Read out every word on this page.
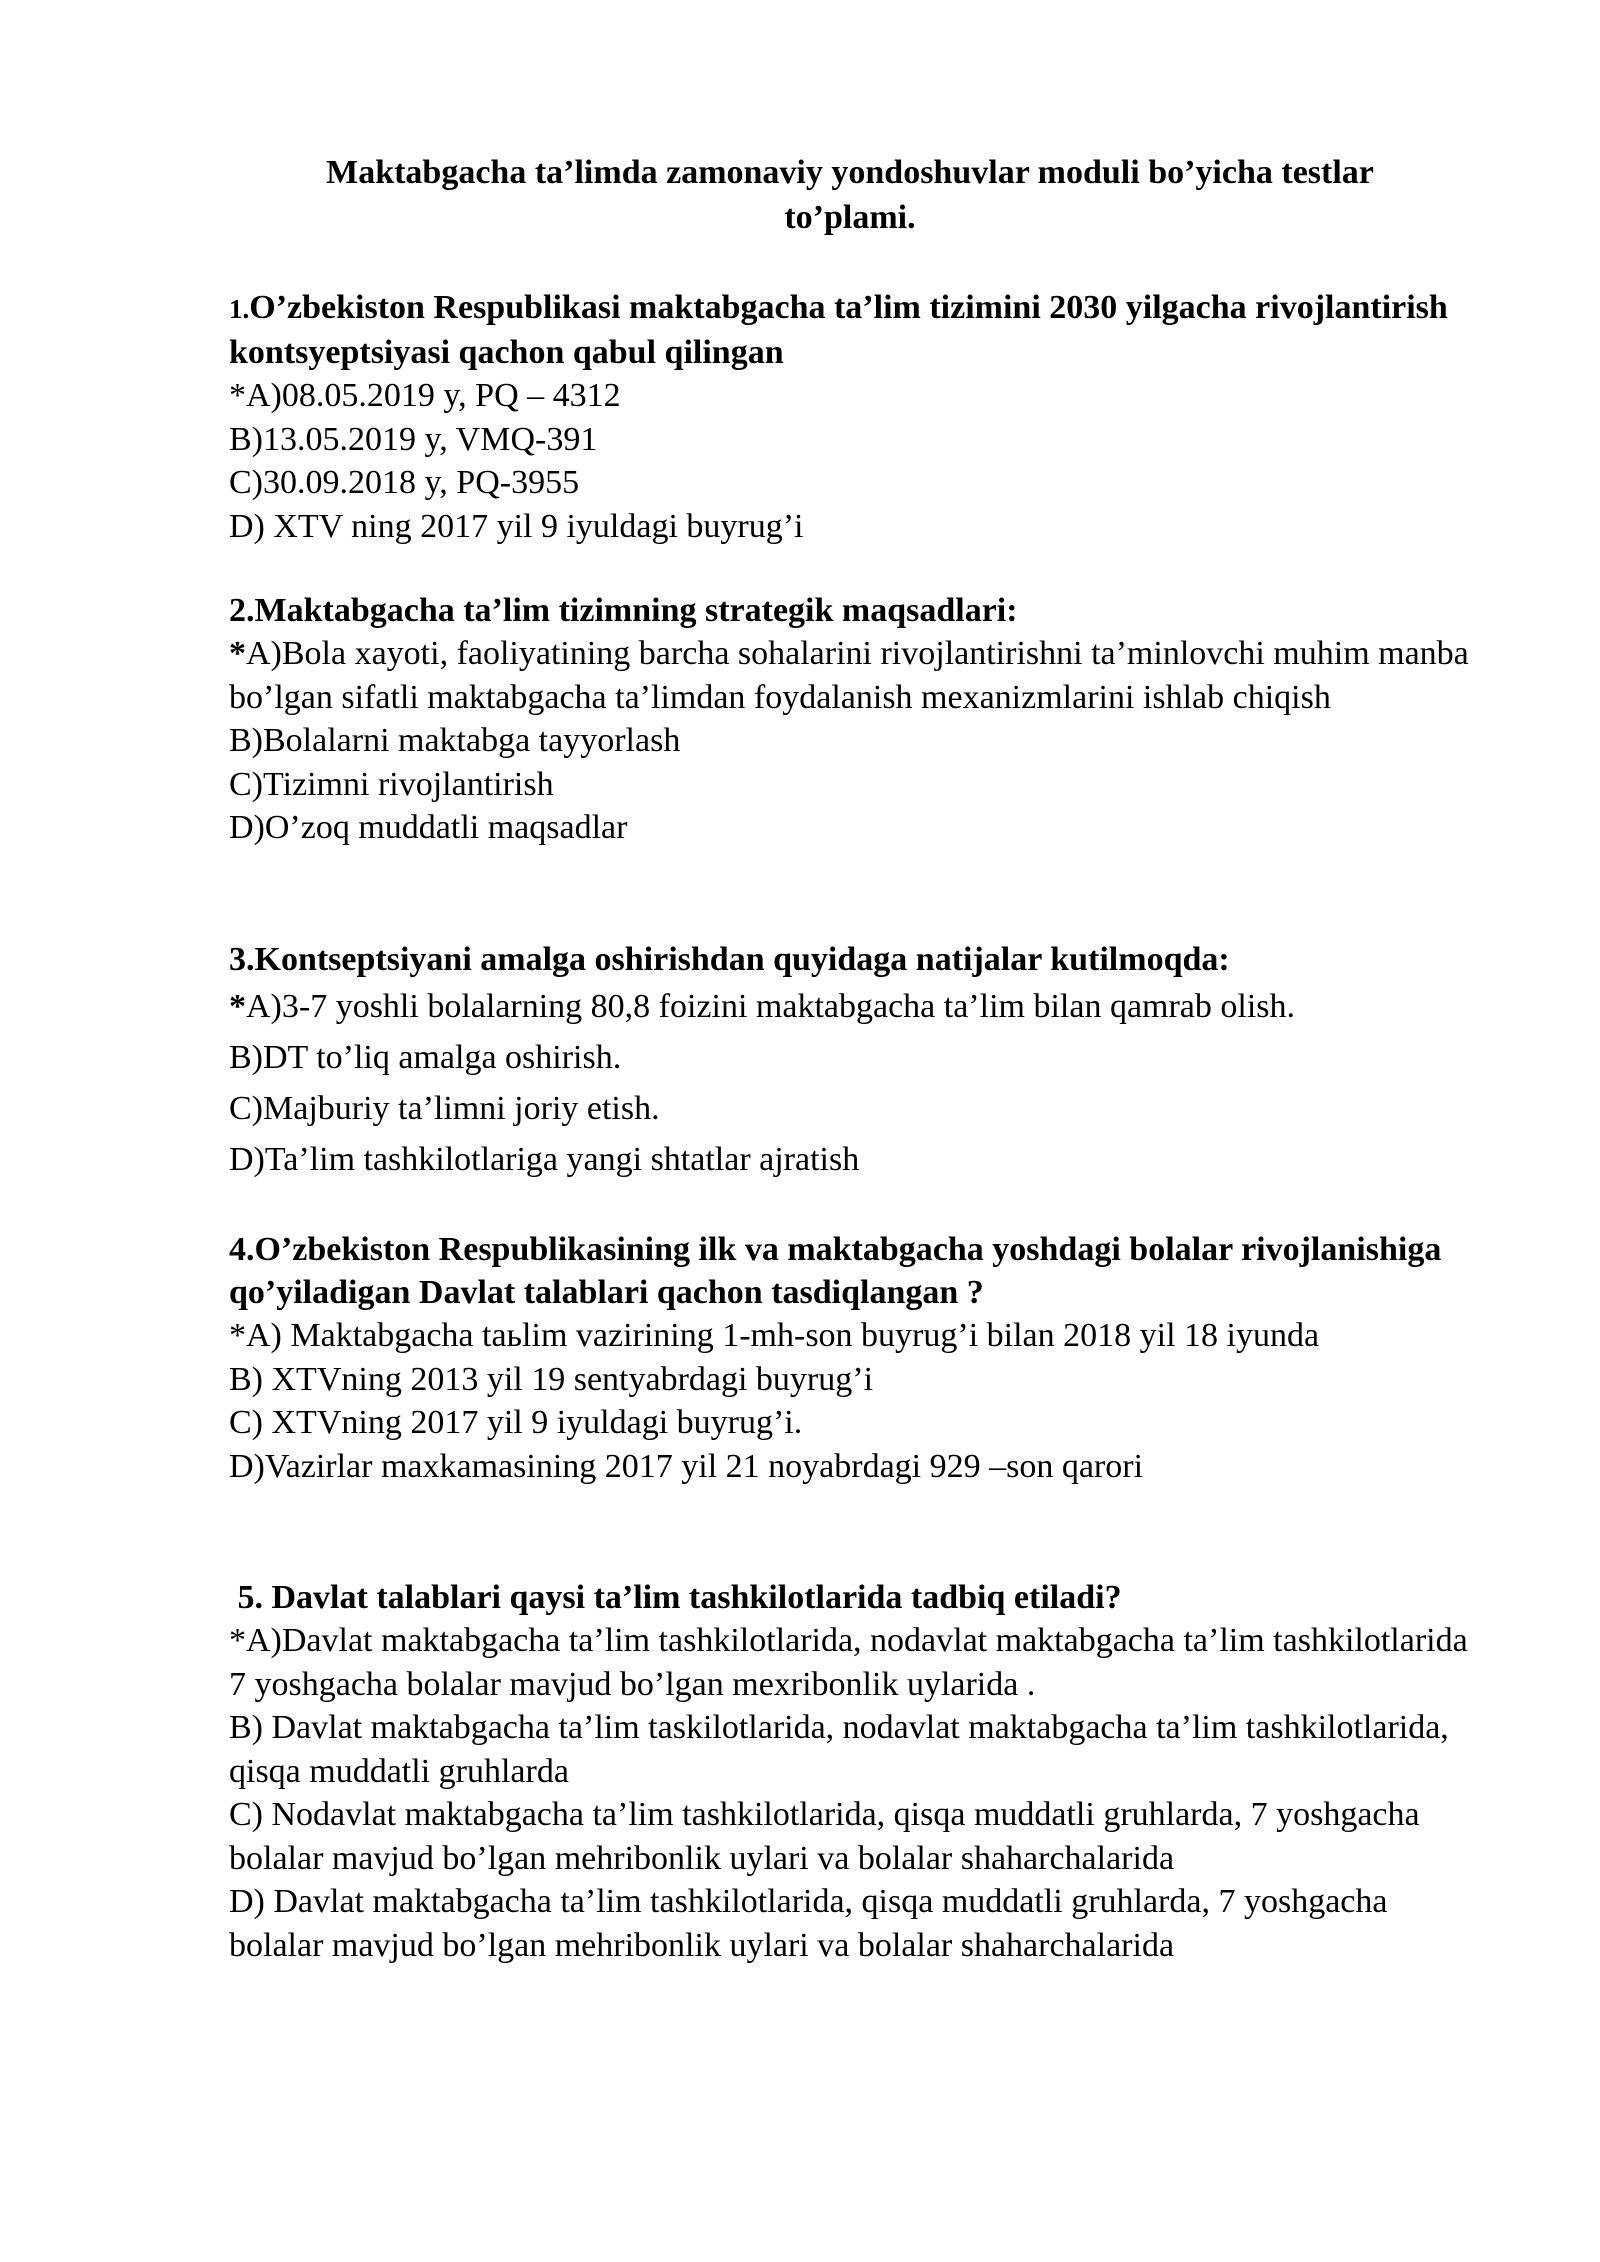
Maktabgacha ta’limda zamonaviy yondoshuvlar moduli bo’yicha testlar
to’plami.

1.O’zbekiston Respublikasi maktabgacha ta’lim tizimini 2030 yilgacha rivojlantirish kontsyeptsiyasi qachon qabul qilingan

*A)08.05.2019 y, PQ – 4312
B)13.05.2019 y, VMQ-391
C)30.09.2018 y, PQ-3955
D) XTV ning 2017 yil 9 iyuldagi buyrug’i

2.Maktabgacha ta’lim tizimning strategik maqsadlari:

*A)Bola xayoti, faoliyatining barcha sohalarini rivojlantirishni ta’minlovchi muhim manba bo’lgan sifatli maktabgacha ta’limdan foydalanish mexanizmlarini ishlab chiqish
B)Bolalarni maktabga tayyorlash
C)Tizimni rivojlantirish
D)O’zoq muddatli maqsadlar

3.Kontseptsiyani amalga oshirishdan quyidaga natijalar kutilmoqda:

*A)3-7 yoshli bolalarning 80,8 foizini maktabgacha ta’lim bilan qamrab olish.
B)DT to’liq amalga oshirish.
C)Majburiy ta’limni joriy etish.
D)Ta’lim tashkilotlariga yangi shtatlar ajratish

4.O’zbekiston Respublikasining ilk va maktabgacha yoshdagi bolalar rivojlanishiga qo’yiladigan Davlat talablari qachon tasdiqlangan ?

*A) Maktabgacha taьlim vazirining 1-mh-son buyrug’i bilan 2018 yil 18 iyunda
B) XTVning 2013 yil 19 sentyabrdagi buyrug’i
C) XTVning 2017 yil 9 iyuldagi buyrug’i.
D)Vazirlar maxkamasining 2017 yil 21 noyabrdagi 929 –son qarori

5. Davlat talablari qaysi ta’lim tashkilotlarida tadbiq etiladi?

*A)Davlat maktabgacha ta’lim tashkilotlarida, nodavlat maktabgacha ta’lim tashkilotlarida 7 yoshgacha bolalar mavjud bo’lgan mexribonlik uylarida .
B) Davlat maktabgacha ta’lim taskilotlarida, nodavlat maktabgacha ta’lim tashkilotlarida, qisqa muddatli gruhlarda
C) Nodavlat maktabgacha ta’lim tashkilotlarida, qisqa muddatli gruhlarda, 7 yoshgacha bolalar mavjud bo’lgan mehribonlik uylari va bolalar shaharchalarida
D) Davlat maktabgacha ta’lim tashkilotlarida, qisqa muddatli gruhlarda, 7 yoshgacha bolalar mavjud bo’lgan mehribonlik uylari va bolalar shaharchalarida
